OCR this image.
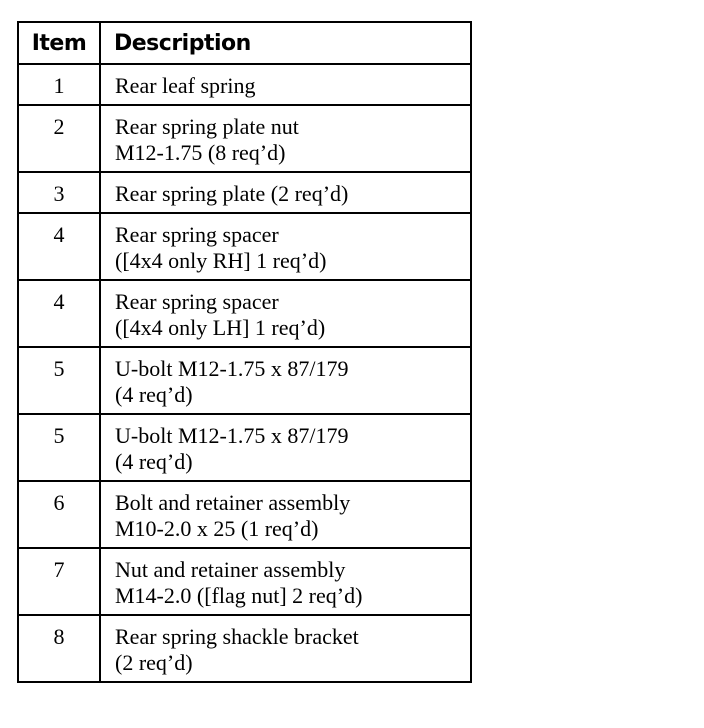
Item	Description
1	Rear leaf spring

2	Rear spring plate nut
M12-1.75 (8 req’d)

3	Rear spring plate (2 req’d)

4	Rear spring spacer
([4x4 only RH] 1 req’d)

4	Rear spring spacer
([4x4 only LH] 1 req’d)

5	U-bolt M12-1.75 x 87/179
(4 req’d)

5	U-bolt M12-1.75 x 87/179
(4 req’d)

6	Bolt and retainer assembly
M10-2.0 x 25 (1 req’d)

7	Nut and retainer assembly
M14-2.0 ([flag nut] 2 req’d)

8	Rear spring shackle bracket
(2 req’d)
